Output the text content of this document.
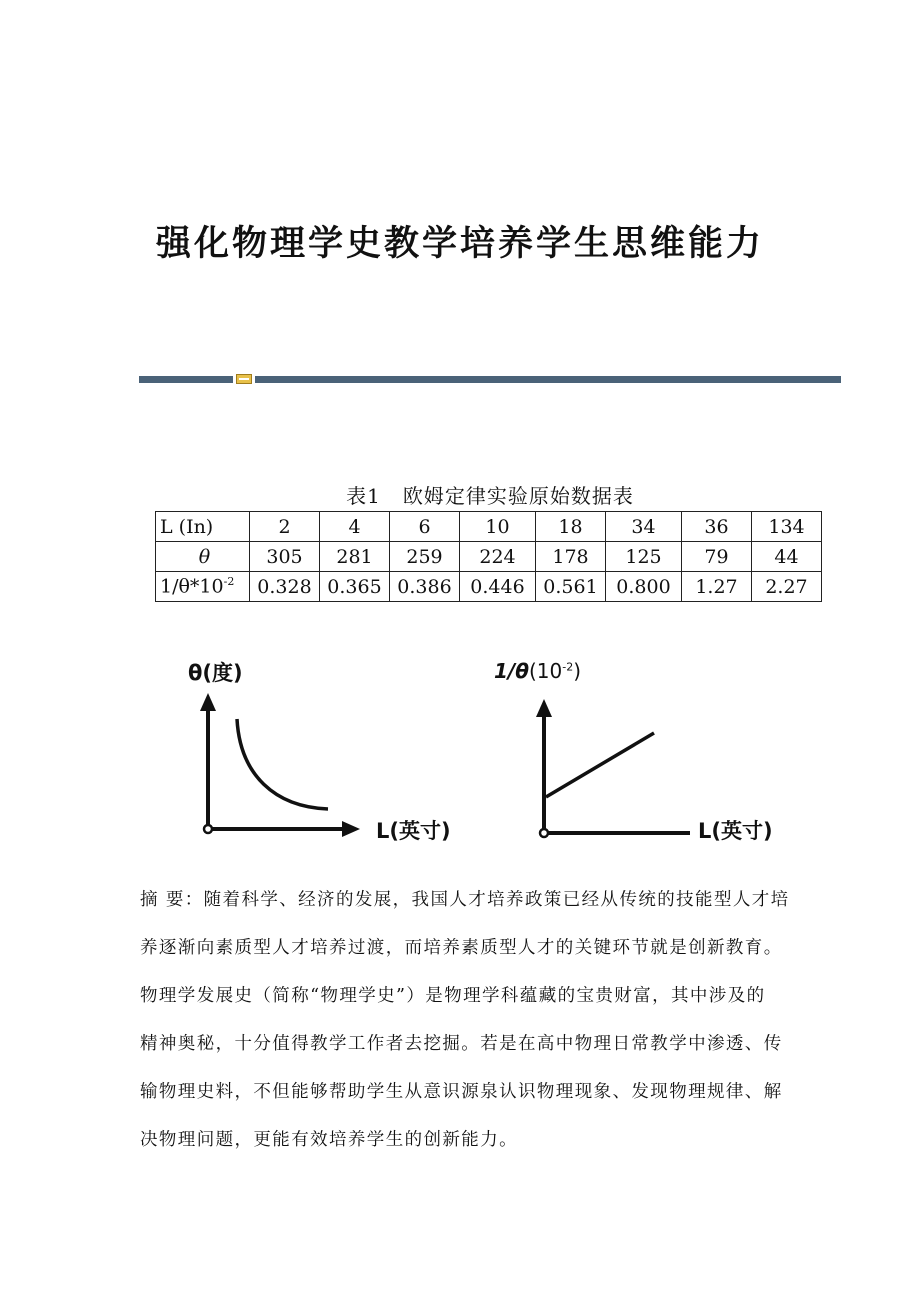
强化物理学史教学培养学生思维能力
表1 欧姆定律实验原始数据表
L (In)	2	4	6	10	18	34	36	134
θ	305	281	259	224	178	125	79	44
$1/\theta*10^{-2}$	0.328	0.365	0.386	0.446	0.561	0.800	1.27	2.27
θ(度)
L(英寸)
$1/\theta(10^{-2})$
L(英寸)

摘 要：随着科学、经济的发展，我国人才培养政策已经从传统的技能型人才培

养逐渐向素质型人才培养过渡，而培养素质型人才的关键环节就是创新教育。

物理学发展史（简称“物理学史”）是物理学科蕴藏的宝贵财富，其中涉及的

精神奥秘，十分值得教学工作者去挖掘。若是在高中物理日常教学中渗透、传

输物理史料，不但能够帮助学生从意识源泉认识物理现象、发现物理规律、解

决物理问题，更能有效培养学生的创新能力。
